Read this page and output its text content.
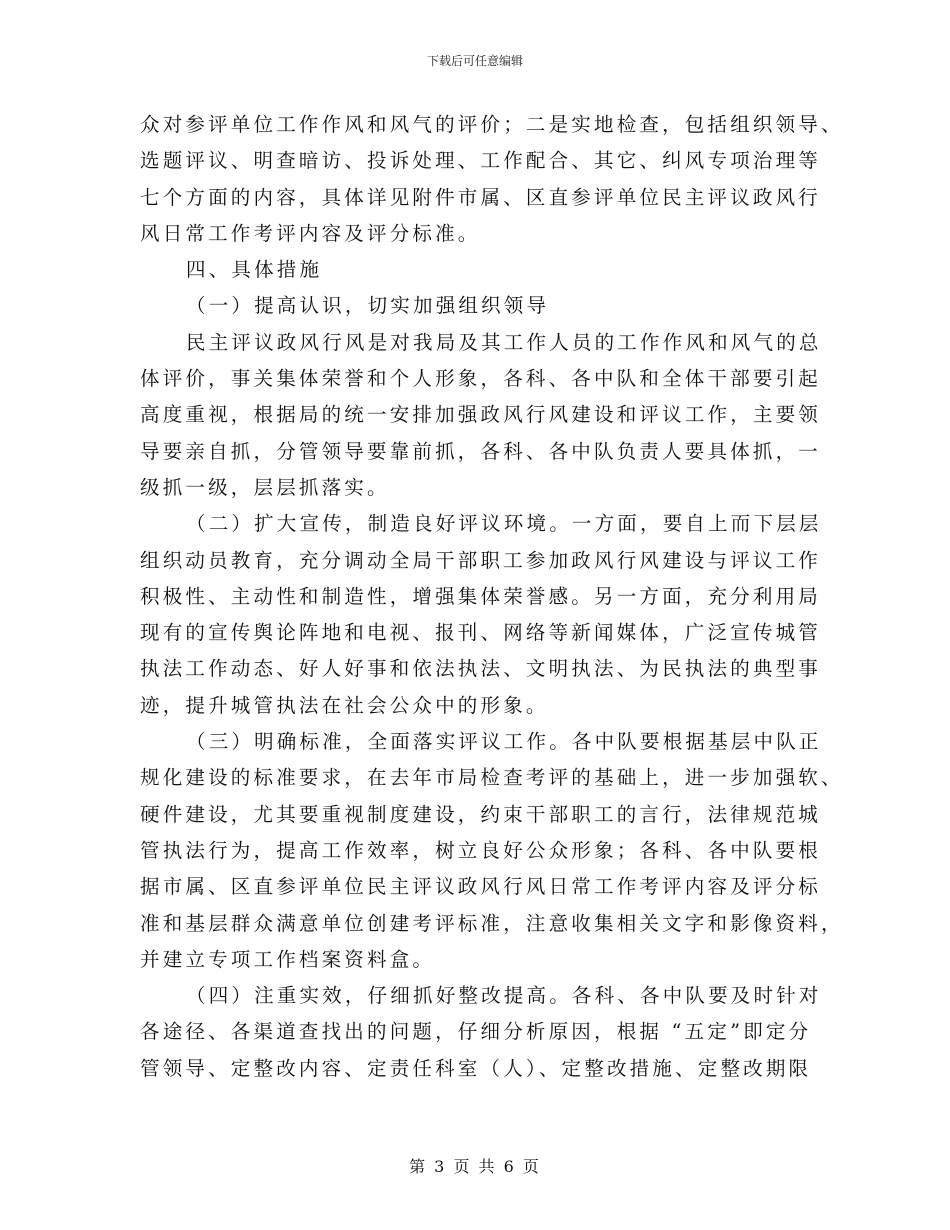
下载后可任意编辑
众对参评单位工作作风和风气的评价；二是实地检查，包括组织领导、
选题评议、明查暗访、投诉处理、工作配合、其它、纠风专项治理等
七个方面的内容，具体详见附件市属、区直参评单位民主评议政风行
风日常工作考评内容及评分标准。
四、具体措施
（一）提高认识，切实加强组织领导
民主评议政风行风是对我局及其工作人员的工作作风和风气的总
体评价，事关集体荣誉和个人形象，各科、各中队和全体干部要引起
高度重视，根据局的统一安排加强政风行风建设和评议工作，主要领
导要亲自抓，分管领导要靠前抓，各科、各中队负责人要具体抓，一
级抓一级，层层抓落实。
（二）扩大宣传，制造良好评议环境。一方面，要自上而下层层
组织动员教育，充分调动全局干部职工参加政风行风建设与评议工作
积极性、主动性和制造性，增强集体荣誉感。另一方面，充分利用局
现有的宣传舆论阵地和电视、报刊、网络等新闻媒体，广泛宣传城管
执法工作动态、好人好事和依法执法、文明执法、为民执法的典型事
迹，提升城管执法在社会公众中的形象。
（三）明确标准，全面落实评议工作。各中队要根据基层中队正
规化建设的标准要求，在去年市局检查考评的基础上，进一步加强软、
硬件建设，尤其要重视制度建设，约束干部职工的言行，法律规范城
管执法行为，提高工作效率，树立良好公众形象；各科、各中队要根
据市属、区直参评单位民主评议政风行风日常工作考评内容及评分标
准和基层群众满意单位创建考评标准，注意收集相关文字和影像资料，
并建立专项工作档案资料盒。
（四）注重实效，仔细抓好整改提高。各科、各中队要及时针对
各途径、各渠道查找出的问题，仔细分析原因，根据 “五定”即定分
管领导、定整改内容、定责任科室（人）、定整改措施、定整改期限
第 3 页 共 6 页
